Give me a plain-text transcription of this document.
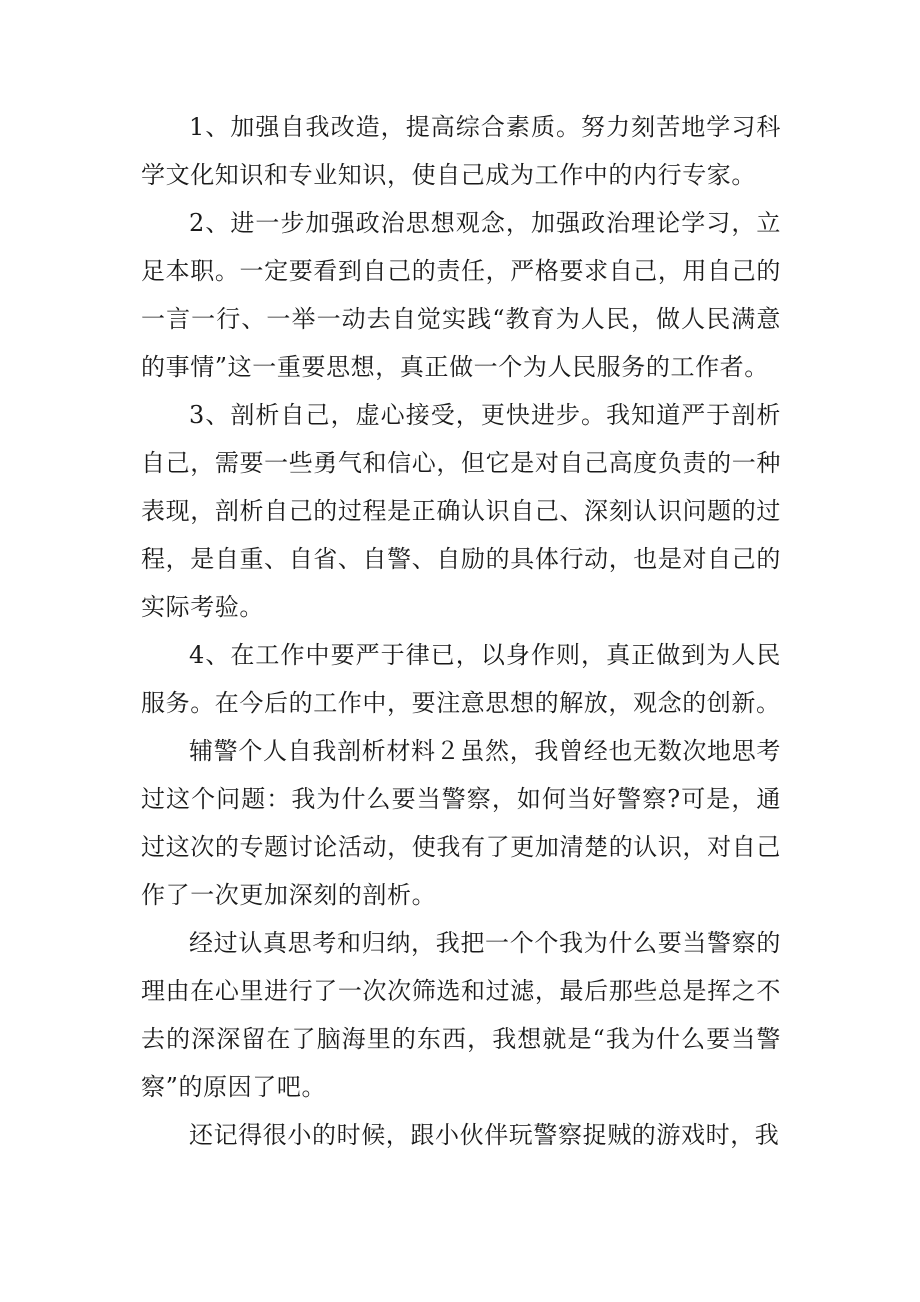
1、加强自我改造，提高综合素质。努力刻苦地学习科学文化知识和专业知识，使自己成为工作中的内行专家。

2、进一步加强政治思想观念，加强政治理论学习，立足本职。一定要看到自己的责任，严格要求自己，用自己的一言一行、一举一动去自觉实践“教育为人民，做人民满意的事情”这一重要思想，真正做一个为人民服务的工作者。

3、剖析自己，虚心接受，更快进步。我知道严于剖析自己，需要一些勇气和信心，但它是对自己高度负责的一种表现，剖析自己的过程是正确认识自己、深刻认识问题的过程，是自重、自省、自警、自励的具体行动，也是对自己的实际考验。

4、在工作中要严于律已，以身作则，真正做到为人民服务。在今后的工作中，要注意思想的解放，观念的创新。

辅警个人自我剖析材料２虽然，我曾经也无数次地思考过这个问题：我为什么要当警察，如何当好警察?可是，通过这次的专题讨论活动，使我有了更加清楚的认识，对自己作了一次更加深刻的剖析。

经过认真思考和归纳，我把一个个我为什么要当警察的理由在心里进行了一次次筛选和过滤，最后那些总是挥之不去的深深留在了脑海里的东西，我想就是“我为什么要当警察”的原因了吧。

还记得很小的时候，跟小伙伴玩警察捉贼的游戏时，我
